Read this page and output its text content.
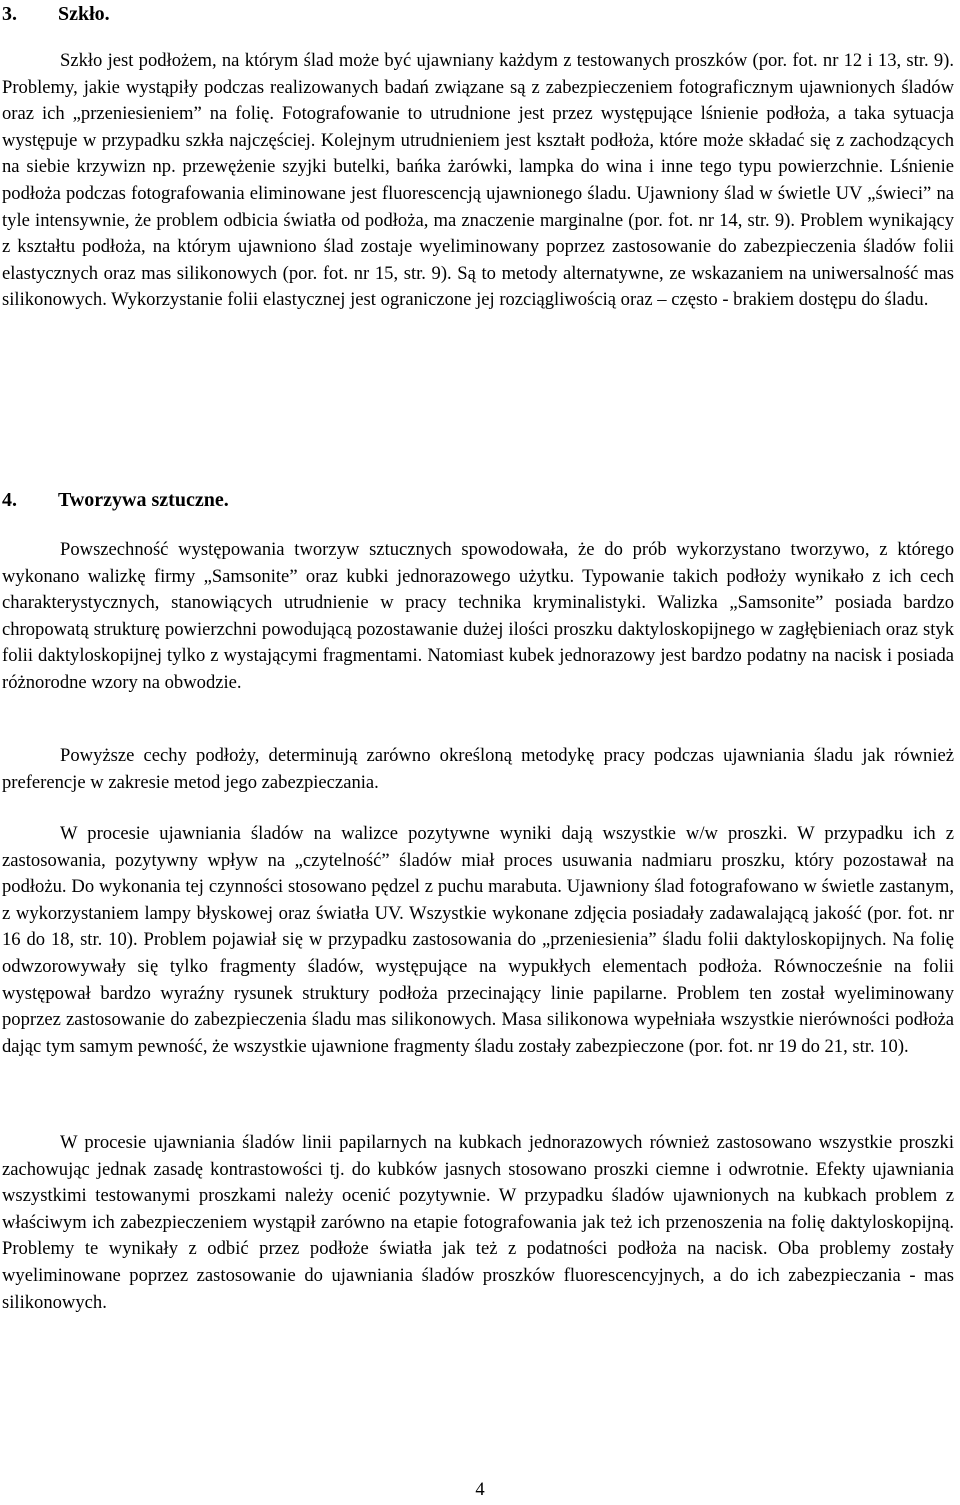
3. Szkło.

Szkło jest podłożem, na którym ślad może być ujawniany każdym z testowanych proszków (por. fot. nr 12 i 13, str. 9). Problemy, jakie wystąpiły podczas realizowanych badań związane są z zabezpieczeniem fotograficznym ujawnionych śladów oraz ich „przeniesieniem” na folię. Fotografowanie to utrudnione jest przez występujące lśnienie podłoża, a taka sytuacja występuje w przypadku szkła najczęściej. Kolejnym utrudnieniem jest kształt podłoża, które może składać się z zachodzących na siebie krzywizn np. przewężenie szyjki butelki, bańka żarówki, lampka do wina i inne tego typu powierzchnie. Lśnienie podłoża podczas fotografowania eliminowane jest fluorescencją ujawnionego śladu. Ujawniony ślad w świetle UV „świeci” na tyle intensywnie, że problem odbicia światła od podłoża, ma znaczenie marginalne (por. fot. nr 14, str. 9). Problem wynikający z kształtu podłoża, na którym ujawniono ślad zostaje wyeliminowany poprzez zastosowanie do zabezpieczenia śladów folii elastycznych oraz mas silikonowych (por. fot. nr 15, str. 9). Są to metody alternatywne, ze wskazaniem na uniwersalność mas silikonowych. Wykorzystanie folii elastycznej jest ograniczone jej rozciągliwością oraz – często - brakiem dostępu do śladu.

4. Tworzywa sztuczne.

Powszechność występowania tworzyw sztucznych spowodowała, że do prób wykorzystano tworzywo, z którego wykonano walizkę firmy „Samsonite” oraz kubki jednorazowego użytku. Typowanie takich podłoży wynikało z ich cech charakterystycznych, stanowiących utrudnienie w pracy technika kryminalistyki. Walizka „Samsonite” posiada bardzo chropowatą strukturę powierzchni powodującą pozostawanie dużej ilości proszku daktyloskopijnego w zagłębieniach oraz styk folii daktyloskopijnej tylko z wystającymi fragmentami. Natomiast kubek jednorazowy jest bardzo podatny na nacisk i posiada różnorodne wzory na obwodzie.

Powyższe cechy podłoży, determinują zarówno określoną metodykę pracy podczas ujawniania śladu jak również preferencje w zakresie metod jego zabezpieczania.

W procesie ujawniania śladów na walizce pozytywne wyniki dają wszystkie w/w proszki. W przypadku ich z zastosowania, pozytywny wpływ na „czytelność” śladów miał proces usuwania nadmiaru proszku, który pozostawał na podłożu. Do wykonania tej czynności stosowano pędzel z puchu marabuta. Ujawniony ślad fotografowano w świetle zastanym, z wykorzystaniem lampy błyskowej oraz światła UV. Wszystkie wykonane zdjęcia posiadały zadawalającą jakość (por. fot. nr 16 do 18, str. 10). Problem pojawiał się w przypadku zastosowania do „przeniesienia” śladu folii daktyloskopijnych. Na folię odwzorowywały się tylko fragmenty śladów, występujące na wypukłych elementach podłoża. Równocześnie na folii występował bardzo wyraźny rysunek struktury podłoża przecinający linie papilarne. Problem ten został wyeliminowany poprzez zastosowanie do zabezpieczenia śladu mas silikonowych. Masa silikonowa wypełniała wszystkie nierówności podłoża dając tym samym pewność, że wszystkie ujawnione fragmenty śladu zostały zabezpieczone (por. fot. nr 19 do 21, str. 10).

W procesie ujawniania śladów linii papilarnych na kubkach jednorazowych również zastosowano wszystkie proszki zachowując jednak zasadę kontrastowości tj. do kubków jasnych stosowano proszki ciemne i odwrotnie. Efekty ujawniania wszystkimi testowanymi proszkami należy ocenić pozytywnie. W przypadku śladów ujawnionych na kubkach problem z właściwym ich zabezpieczeniem wystąpił zarówno na etapie fotografowania jak też ich przenoszenia na folię daktyloskopijną. Problemy te wynikały z odbić przez podłoże światła jak też z podatności podłoża na nacisk. Oba problemy zostały wyeliminowane poprzez zastosowanie do ujawniania śladów proszków fluorescencyjnych, a do ich zabezpieczania - mas silikonowych.

4
